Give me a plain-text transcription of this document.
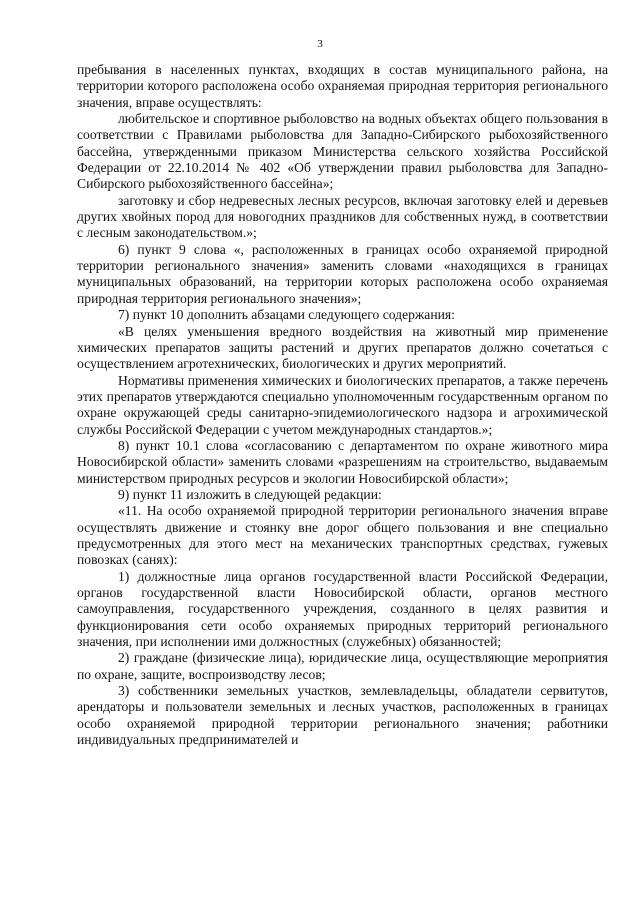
3

пребывания в населенных пунктах, входящих в состав муниципального района, на территории которого расположена особо охраняемая природная территория регионального значения, вправе осуществлять:

любительское и спортивное рыболовство на водных объектах общего пользования в соответствии с Правилами рыболовства для Западно-Сибирского рыбохозяйственного бассейна, утвержденными приказом Министерства сельского хозяйства Российской Федерации от 22.10.2014 № 402 «Об утверждении правил рыболовства для Западно-Сибирского рыбохозяйственного бассейна»;

заготовку и сбор недревесных лесных ресурсов, включая заготовку елей и деревьев других хвойных пород для новогодних праздников для собственных нужд, в соответствии с лесным законодательством.»;

6) пункт 9 слова «, расположенных в границах особо охраняемой природной территории регионального значения» заменить словами «находящихся в границах муниципальных образований, на территории которых расположена особо охраняемая природная территория регионального значения»;

7) пункт 10 дополнить абзацами следующего содержания:

«В целях уменьшения вредного воздействия на животный мир применение химических препаратов защиты растений и других препаратов должно сочетаться с осуществлением агротехнических, биологических и других мероприятий.

Нормативы применения химических и биологических препаратов, а также перечень этих препаратов утверждаются специально уполномоченным государственным органом по охране окружающей среды санитарно-эпидемиологического надзора и агрохимической службы Российской Федерации с учетом международных стандартов.»;

8) пункт 10.1 слова «согласованию с департаментом по охране животного мира Новосибирской области» заменить словами «разрешениям на строительство, выдаваемым министерством природных ресурсов и экологии Новосибирской области»;

9) пункт 11 изложить в следующей редакции:

«11. На особо охраняемой природной территории регионального значения вправе осуществлять движение и стоянку вне дорог общего пользования и вне специально предусмотренных для этого мест на механических транспортных средствах, гужевых повозках (санях):

1) должностные лица органов государственной власти Российской Федерации, органов государственной власти Новосибирской области, органов местного самоуправления, государственного учреждения, созданного в целях развития и функционирования сети особо охраняемых природных территорий регионального значения, при исполнении ими должностных (служебных) обязанностей;

2) граждане (физические лица), юридические лица, осуществляющие мероприятия по охране, защите, воспроизводству лесов;

3) собственники земельных участков, землевладельцы, обладатели сервитутов, арендаторы и пользователи земельных и лесных участков, расположенных в границах особо охраняемой природной территории регионального значения; работники индивидуальных предпринимателей и
